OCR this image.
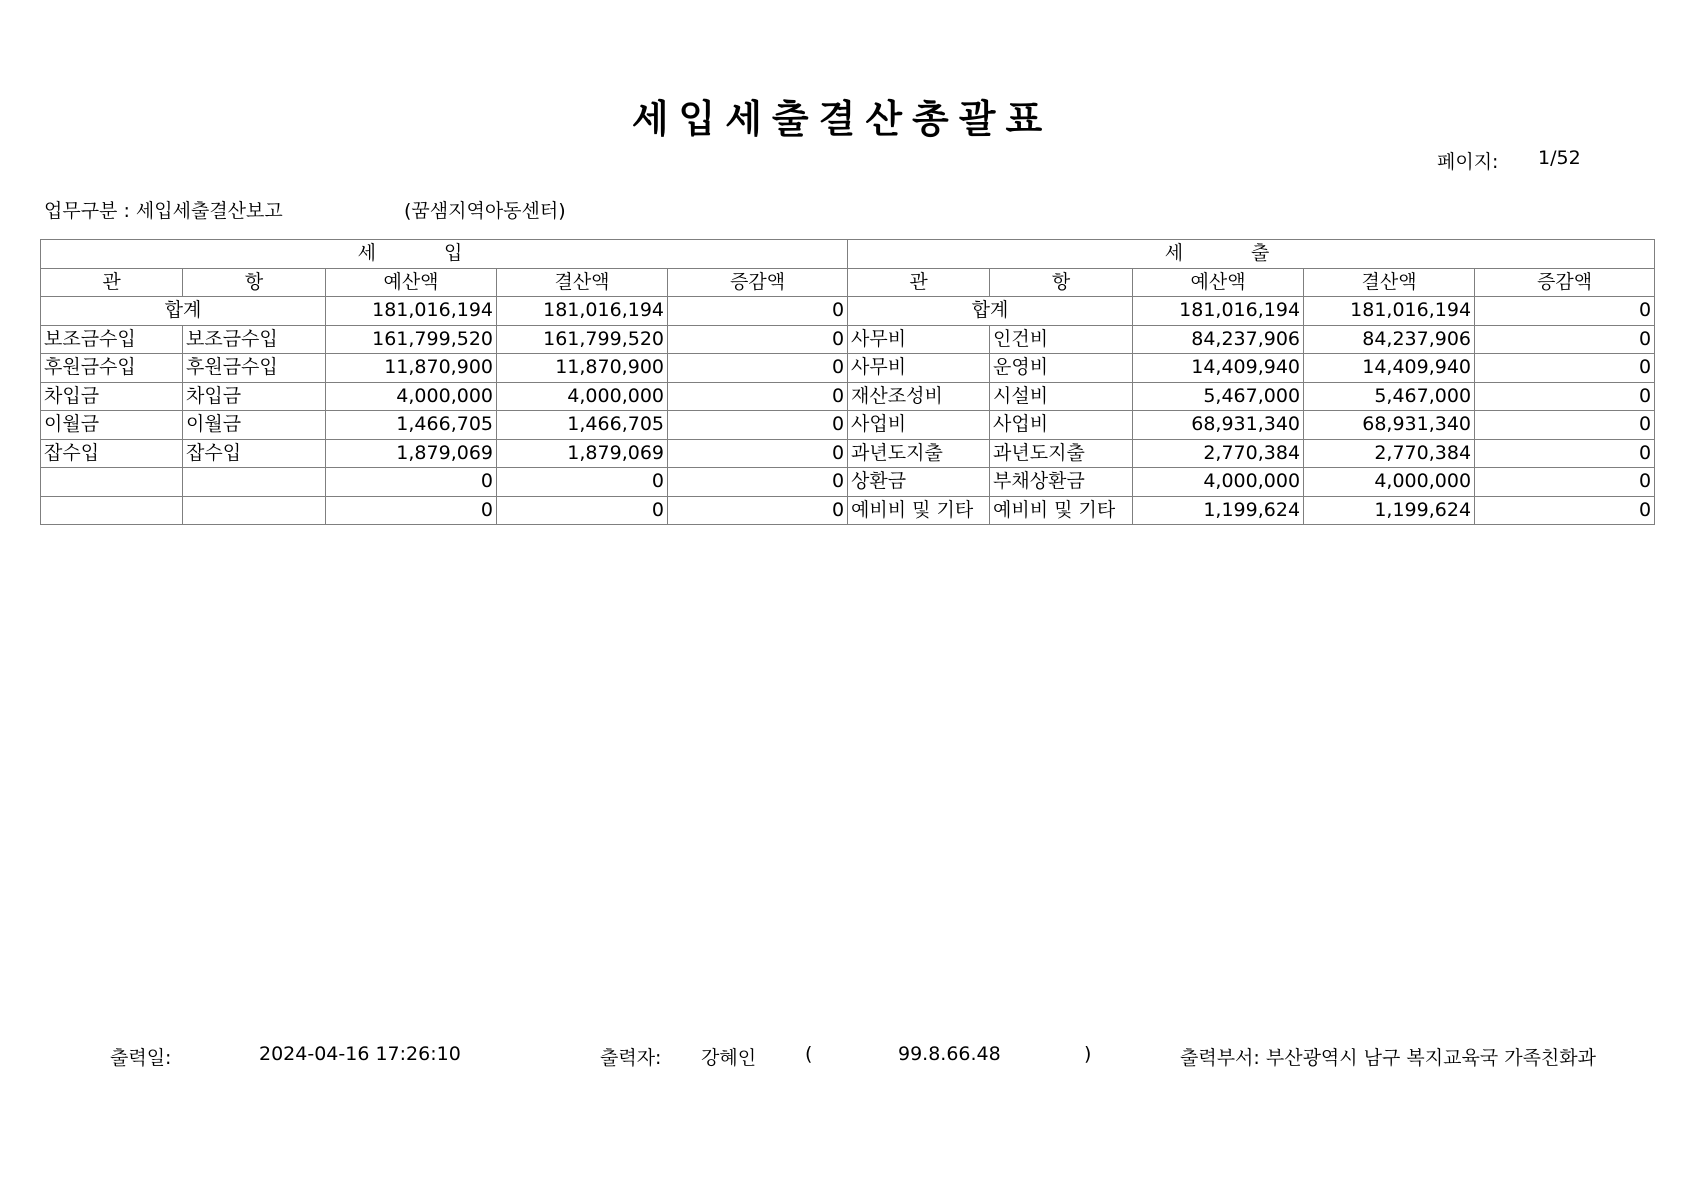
세입세출결산총괄표
페이지: 1/52
업무구분 : 세입세출결산보고	(꿈샘지역아동센터)
세입					세출				
관	항	예산액	결산액	증감액	관	항	예산액	결산액	증감액
합계		181,016,194	181,016,194	0	합계		181,016,194	181,016,194	0
보조금수입	보조금수입	161,799,520	161,799,520	0	사무비	인건비	84,237,906	84,237,906	0
후원금수입	후원금수입	11,870,900	11,870,900	0	사무비	운영비	14,409,940	14,409,940	0
차입금	차입금	4,000,000	4,000,000	0	재산조성비	시설비	5,467,000	5,467,000	0
이월금	이월금	1,466,705	1,466,705	0	사업비	사업비	68,931,340	68,931,340	0
잡수입	잡수입	1,879,069	1,879,069	0	과년도지출	과년도지출	2,770,384	2,770,384	0
		0	0	0	상환금	부채상환금	4,000,000	4,000,000	0
		0	0	0	예비비 및 기타	예비비 및 기타	1,199,624	1,199,624	0
출력일:	2024-04-16 17:26:10	출력자: 강혜인	(	99.8.66.48	)	출력부서: 부산광역시 남구 복지교육국 가족친화과
